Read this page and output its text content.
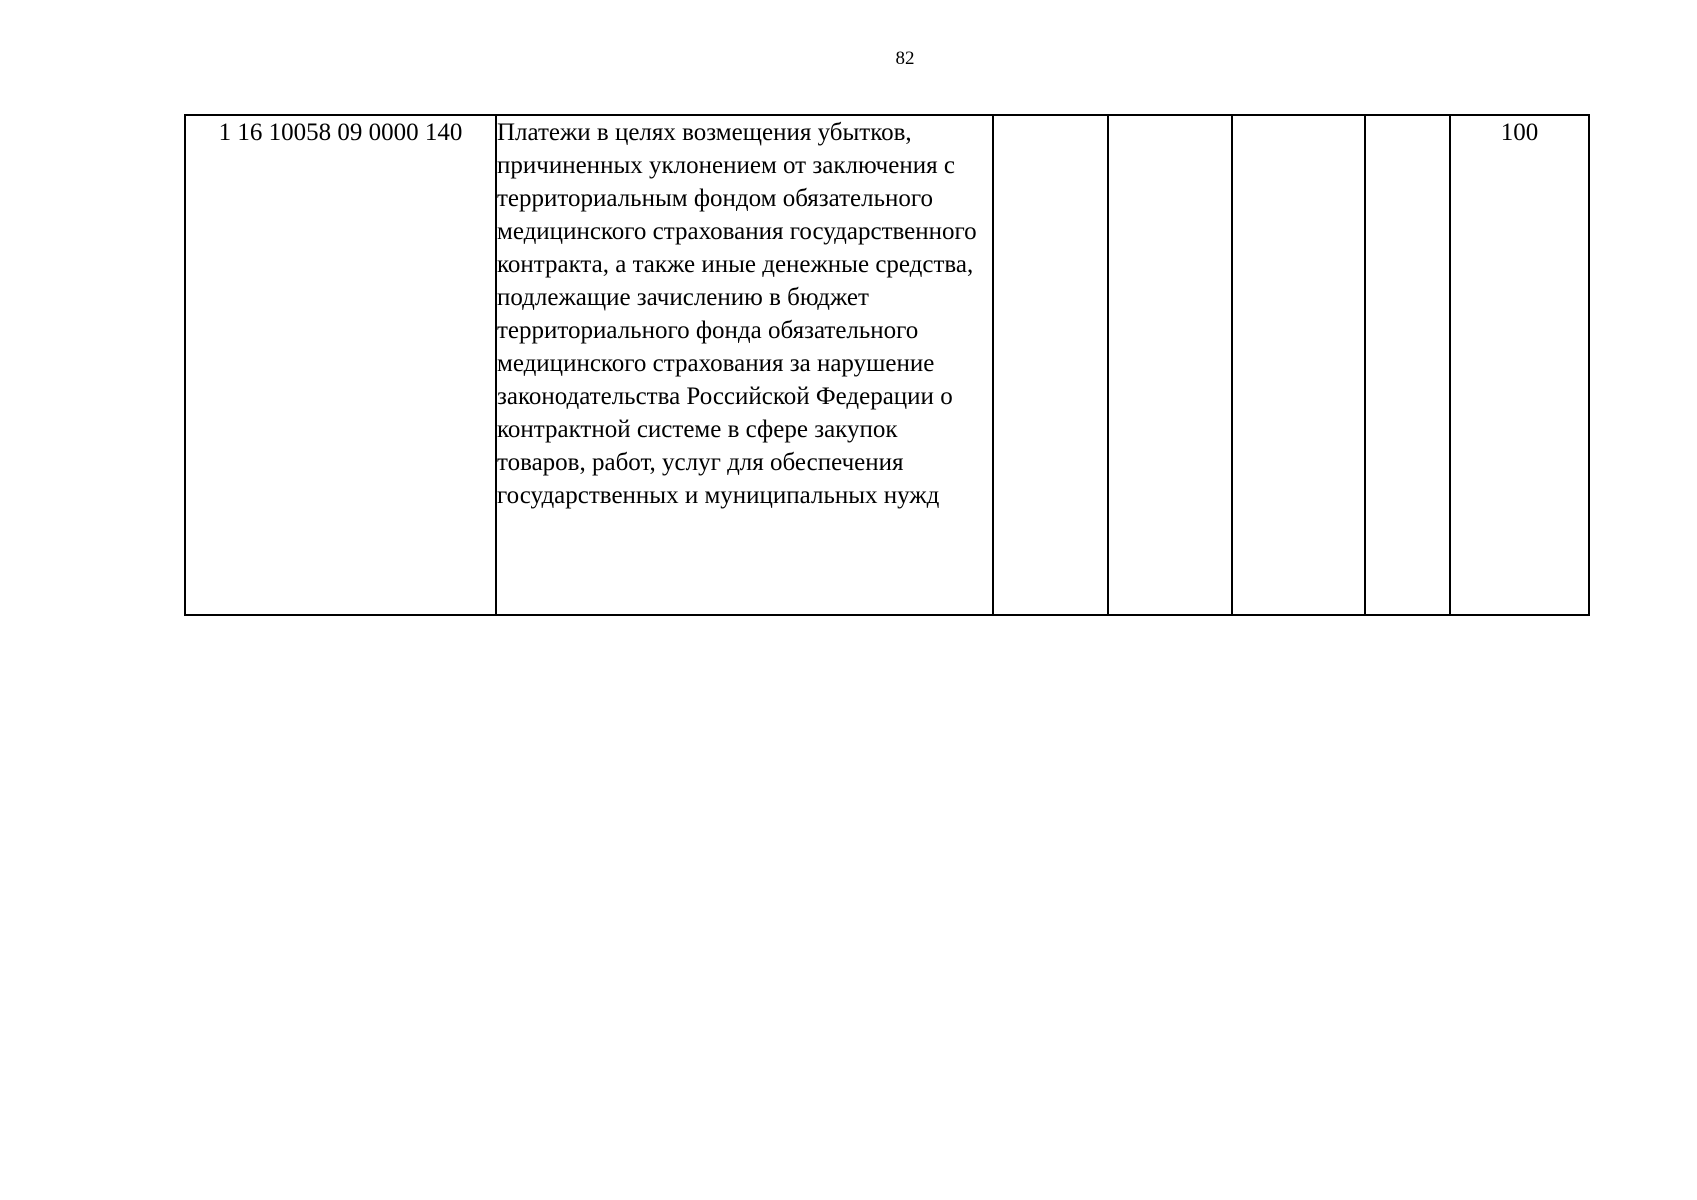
82
1 16 10058 09 0000 140	Платежи в целях возмещения убытков, причиненных уклонением от заключения с территориальным фондом обязательного медицинского страхования государственного контракта, а также иные денежные средства, подлежащие зачислению в бюджет территориального фонда обязательного медицинского страхования за нарушение законодательства Российской Федерации о контрактной системе в сфере закупок товаров, работ, услуг для обеспечения государственных и муниципальных нужд					100
